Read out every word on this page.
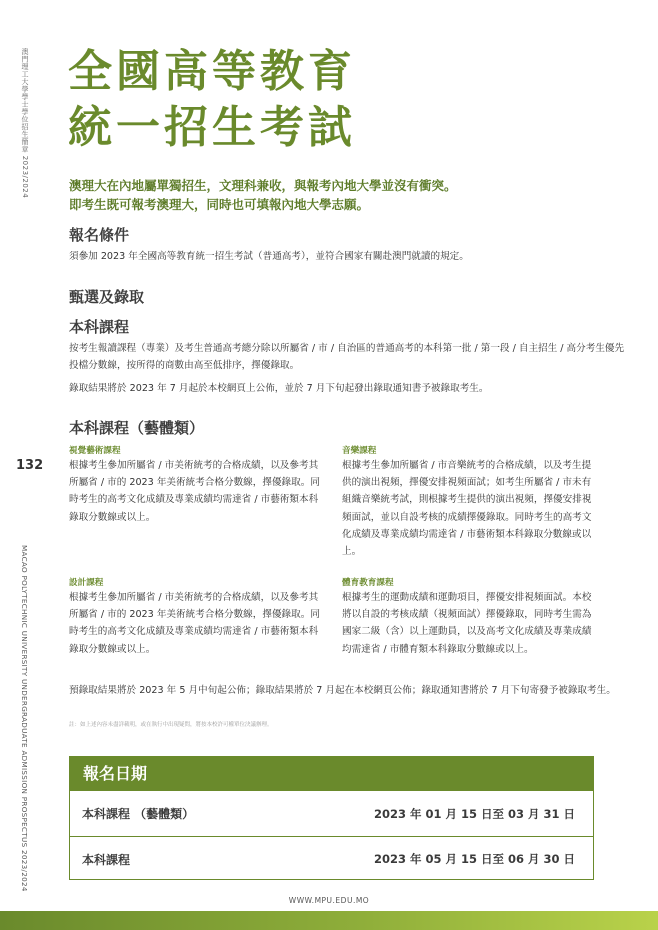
澳門理工大學學士學位招生簡章 2023/2024
132
MACAO POLYTECHNIC UNIVERSITY UNDERGRADUATE ADMISSION PROSPECTUS 2023/2024
全國高等教育
統一招生考試
澳理大在內地屬單獨招生，文理科兼收，與報考內地大學並沒有衝突。
即考生既可報考澳理大，同時也可填報內地大學志願。
報名條件
須參加 2023 年全國高等教育統一招生考試（普通高考），並符合國家有關赴澳門就讀的規定。
甄選及錄取
本科課程
按考生報讀課程（專業）及考生普通高考總分除以所屬省 / 市 / 自治區的普通高考的本科第一批 / 第一段 / 自主招生 / 高分考生優先投檔分數線，按所得的商數由高至低排序，擇優錄取。
錄取結果將於 2023 年 7 月起於本校網頁上公佈，並於 7 月下旬起發出錄取通知書予被錄取考生。
本科課程（藝體類）
視覺藝術課程
根據考生參加所屬省 / 市美術統考的合格成績，以及參考其所屬省 / 市的 2023 年美術統考合格分數線，擇優錄取。同時考生的高考文化成績及專業成績均需達省 / 市藝術類本科錄取分數線或以上。
音樂課程
根據考生參加所屬省 / 市音樂統考的合格成績，以及考生提供的演出視頻，擇優安排視頻面試；如考生所屬省 / 市未有組織音樂統考試，則根據考生提供的演出視頻，擇優安排視頻面試，並以自設考核的成績擇優錄取。同時考生的高考文化成績及專業成績均需達省 / 市藝術類本科錄取分數線或以上。
設計課程
根據考生參加所屬省 / 市美術統考的合格成績，以及參考其所屬省 / 市的 2023 年美術統考合格分數線，擇優錄取。同時考生的高考文化成績及專業成績均需達省 / 市藝術類本科錄取分數線或以上。
體育教育課程
根據考生的運動成績和運動項目，擇優安排視頻面試。本校將以自設的考核成績（視頻面試）擇優錄取，同時考生需為國家二級（含）以上運動員，以及高考文化成績及專業成績均需達省 / 市體育類本科錄取分數線或以上。
預錄取結果將於 2023 年 5 月中旬起公佈；錄取結果將於 7 月起在本校網頁公佈；錄取通知書將於 7 月下旬寄發予被錄取考生。
註：如上述內容未盡詳載明，或在執行中出現疑問，將按本校許可權單位決議辦理。
報名日期
本科課程 （藝體類）	2023 年 01 月 15 日至 03 月 31 日
本科課程	2023 年 05 月 15 日至 06 月 30 日
WWW.MPU.EDU.MO
